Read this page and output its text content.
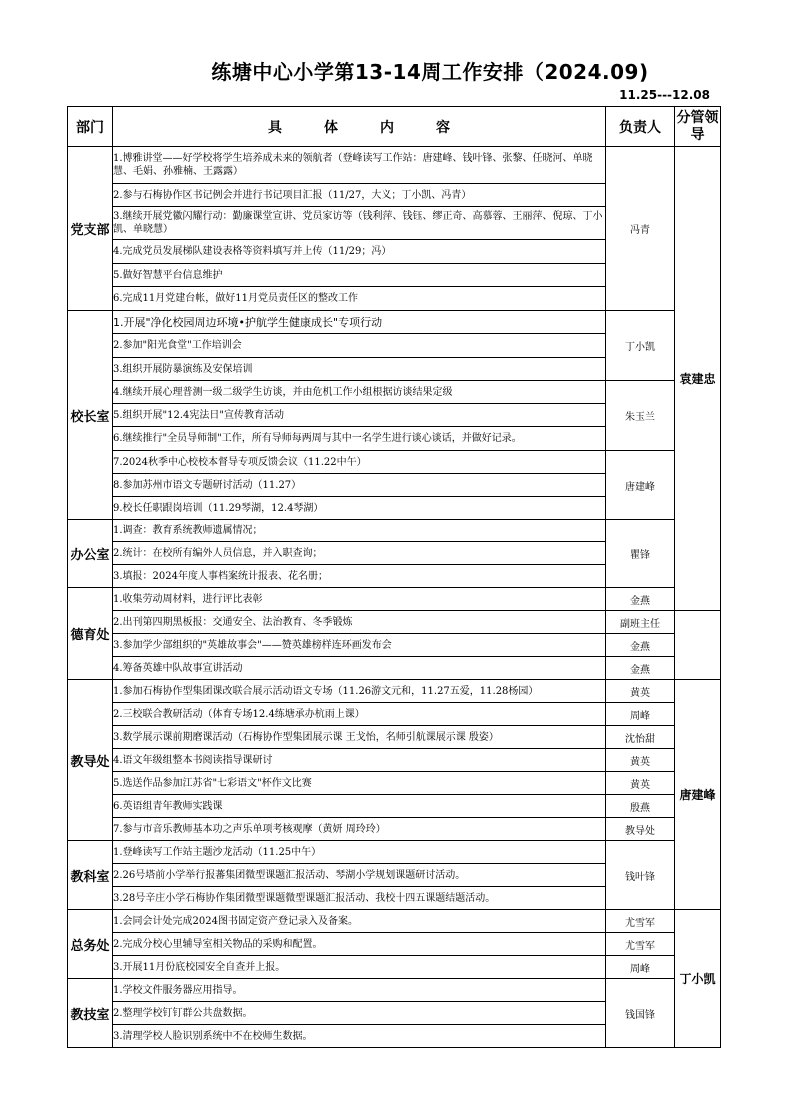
练塘中心小学第13-14周工作安排（2024.09)
11.25---12.08
部门	具体内容	负责人	分管领导	
党支部	1.博雅讲堂——好学校将学生培养成未来的领航者（登峰读写工作站：唐建峰、钱叶锋、张黎、任晓河、单晓慧、毛娟、孙雅楠、王露露）	冯青	袁建忠	
	2.参与石梅协作区书记例会并进行书记项目汇报（11/27，大义；丁小凯、冯青）			
	3.继续开展党徽闪耀行动：勤廉课堂宣讲、党员家访等（钱利萍、钱钰、缪正奇、高慕蓉、王丽萍、倪琼、丁小凯、单晓慧）			
	4.完成党员发展梯队建设表格等资料填写并上传（11/29；冯）			
	5.做好智慧平台信息维护			
	6.完成11月党建台帐，做好11月党员责任区的整改工作			
校长室	1.开展"净化校园周边环境•护航学生健康成长"专项行动	丁小凯		
	2.参加"阳光食堂"工作培训会			
	3.组织开展防暴演练及安保培训			
	4.继续开展心理普测一级二级学生访谈，并由危机工作小组根据访谈结果定级	朱玉兰		
	5.组织开展"12.4宪法日"宣传教育活动			
	6.继续推行"全员导师制"工作，所有导师每两周与其中一名学生进行谈心谈话，并做好记录。			
	7.2024秋季中心校校本督导专项反馈会议（11.22中午）	唐建峰		
	8.参加苏州市语文专题研讨活动（11.27）			
	9.校长任职跟岗培训（11.29琴湖，12.4琴湖）			
办公室	1.调查：教育系统教师遗属情况；	瞿锋		
	2.统计：在校所有编外人员信息，并入职查询；			
	3.填报：2024年度人事档案统计报表、花名册；			
德育处	1.收集劳动周材料，进行评比表彰	金燕	
	2.出刊第四期黑板报：交通安全、法治教育、冬季锻炼	副班主任		
	3.参加学少部组织的"英雄故事会"——赞英雄榜样连环画发布会	金燕		
	4.筹备英雄中队故事宣讲活动	金燕		
教导处	1.参加石梅协作型集团课改联合展示活动语文专场（11.26游文元和，11.27五爱，11.28杨园）	黄英	唐建峰	
	2.三校联合教研活动（体育专场12.4练塘承办杭雨上课）	周峰		
	3.数学展示课前期磨课活动（石梅协作型集团展示课 王戈怡，名师引航课展示课 殷姿）	沈怡甜		
	4.语文年级组整本书阅读指导课研讨	黄英		
	5.选送作品参加江苏省"七彩语文"杯作文比赛	黄英		
	6.英语组青年教师实践课	殷燕		
	7.参与市音乐教师基本功之声乐单项考核观摩（黄妍 周玲玲）	教导处		
教科室	1.登峰读写工作站主题沙龙活动（11.25中午）	钱叶锋		
	2.26号塔前小学举行报蕃集团微型课题汇报活动、琴湖小学规划课题研讨活动。			
	3.28号辛庄小学石梅协作集团微型课题微型课题汇报活动、我校十四五课题结题活动。			
总务处	1.会同会计处完成2024图书固定资产登记录入及备案。	尤雪军	丁小凯	
	2.完成分校心里辅导室相关物品的采购和配置。	尤雪军		
	3.开展11月份底校园安全自查并上报。	周峰		
教技室	1.学校文件服务器应用指导。	钱国锋		
	2.整理学校钉钉群公共盘数据。			
	3.清理学校人脸识别系统中不在校师生数据。			
